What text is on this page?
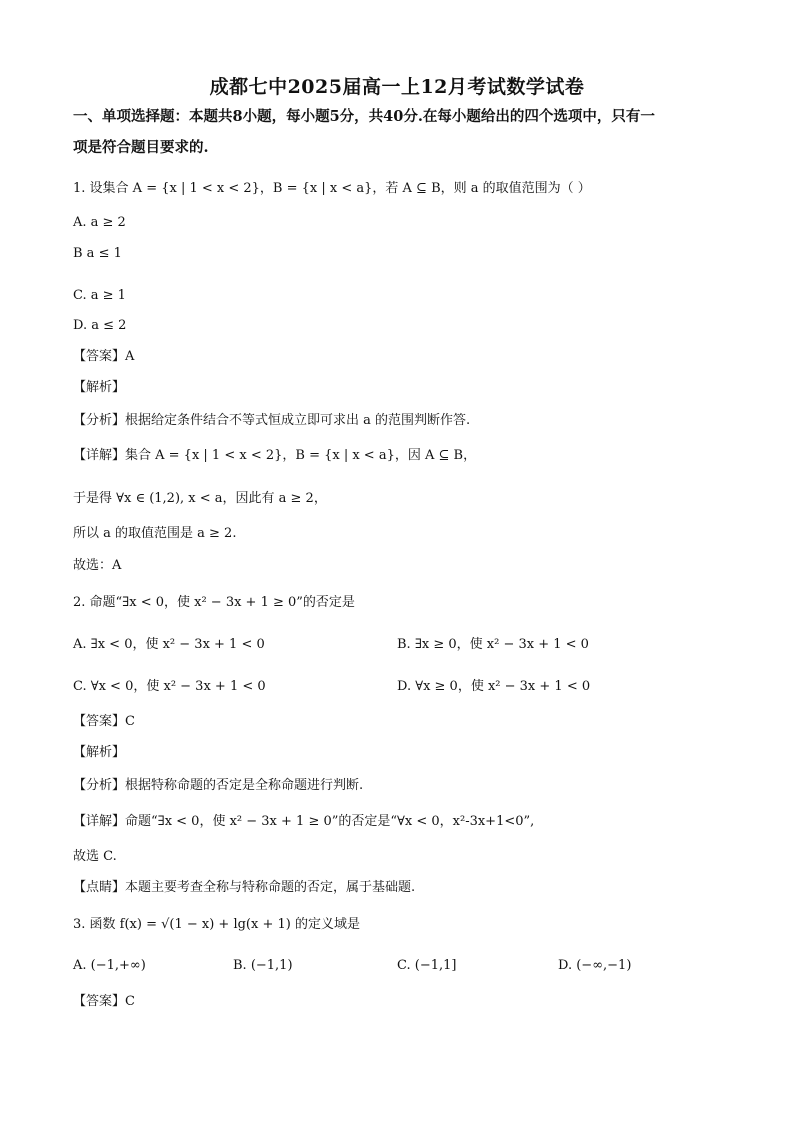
成都七中2025届高一上12月考试数学试卷
一、单项选择题：本题共8小题，每小题5分，共40分.在每小题给出的四个选项中，只有一
项是符合题目要求的.
1. 设集合 A = {x | 1 < x < 2}，B = {x | x < a}，若 A ⊆ B，则 a 的取值范围为（ ）
A. a ≥ 2
B a ≤ 1
C. a ≥ 1
D. a ≤ 2
【答案】A
【解析】
【分析】根据给定条件结合不等式恒成立即可求出 a 的范围判断作答.
【详解】集合 A = {x | 1 < x < 2}，B = {x | x < a}，因 A ⊆ B，
于是得 ∀x ∈ (1,2), x < a，因此有 a ≥ 2，
所以 a 的取值范围是 a ≥ 2.
故选：A
2. 命题“∃x < 0，使 x² − 3x + 1 ≥ 0”的否定是
A. ∃x < 0，使 x² − 3x + 1 < 0	B. ∃x ≥ 0，使 x² − 3x + 1 < 0
C. ∀x < 0，使 x² − 3x + 1 < 0	D. ∀x ≥ 0，使 x² − 3x + 1 < 0
【答案】C
【解析】
【分析】根据特称命题的否定是全称命题进行判断.
【详解】命题“∃x < 0，使 x² − 3x + 1 ≥ 0”的否定是“∀x < 0，x²-3x+1<0”,
故选 C.
【点睛】本题主要考查全称与特称命题的否定，属于基础题.
3. 函数 f(x) = √(1 − x) + lg(x + 1) 的定义域是
A. (−1,+∞)	B. (−1,1)	C. (−1,1]	D. (−∞,−1)
【答案】C
